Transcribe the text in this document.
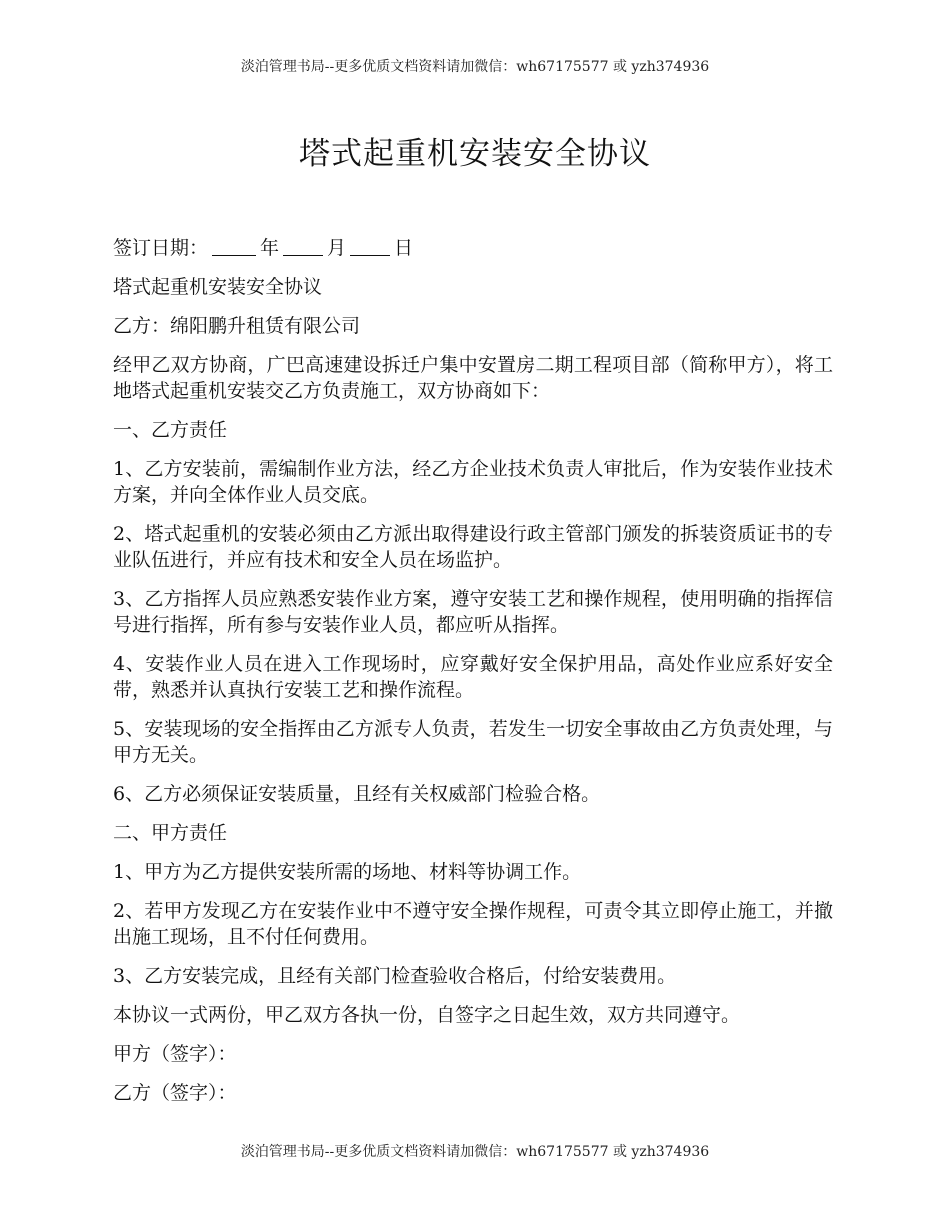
淡泊管理书局--更多优质文档资料请加微信：wh67175577 或 yzh374936
塔式起重机安装安全协议

签订日期：	年	月	日

塔式起重机安装安全协议

乙方：绵阳鹏升租赁有限公司

经甲乙双方协商，广巴高速建设拆迁户集中安置房二期工程项目部（简称甲方），将工地塔式起重机安装交乙方负责施工，双方协商如下：

一、乙方责任

1、乙方安装前，需编制作业方法，经乙方企业技术负责人审批后，作为安装作业技术方案，并向全体作业人员交底。

2、塔式起重机的安装必须由乙方派出取得建设行政主管部门颁发的拆装资质证书的专业队伍进行，并应有技术和安全人员在场监护。

3、乙方指挥人员应熟悉安装作业方案，遵守安装工艺和操作规程，使用明确的指挥信号进行指挥，所有参与安装作业人员，都应听从指挥。

4、安装作业人员在进入工作现场时，应穿戴好安全保护用品，高处作业应系好安全带，熟悉并认真执行安装工艺和操作流程。

5、安装现场的安全指挥由乙方派专人负责，若发生一切安全事故由乙方负责处理，与甲方无关。

6、乙方必须保证安装质量，且经有关权威部门检验合格。

二、甲方责任

1、甲方为乙方提供安装所需的场地、材料等协调工作。

2、若甲方发现乙方在安装作业中不遵守安全操作规程，可责令其立即停止施工，并撤出施工现场，且不付任何费用。

3、乙方安装完成，且经有关部门检查验收合格后，付给安装费用。

本协议一式两份，甲乙双方各执一份，自签字之日起生效，双方共同遵守。

甲方（签字）：

乙方（签字）：

淡泊管理书局--更多优质文档资料请加微信：wh67175577 或 yzh374936
